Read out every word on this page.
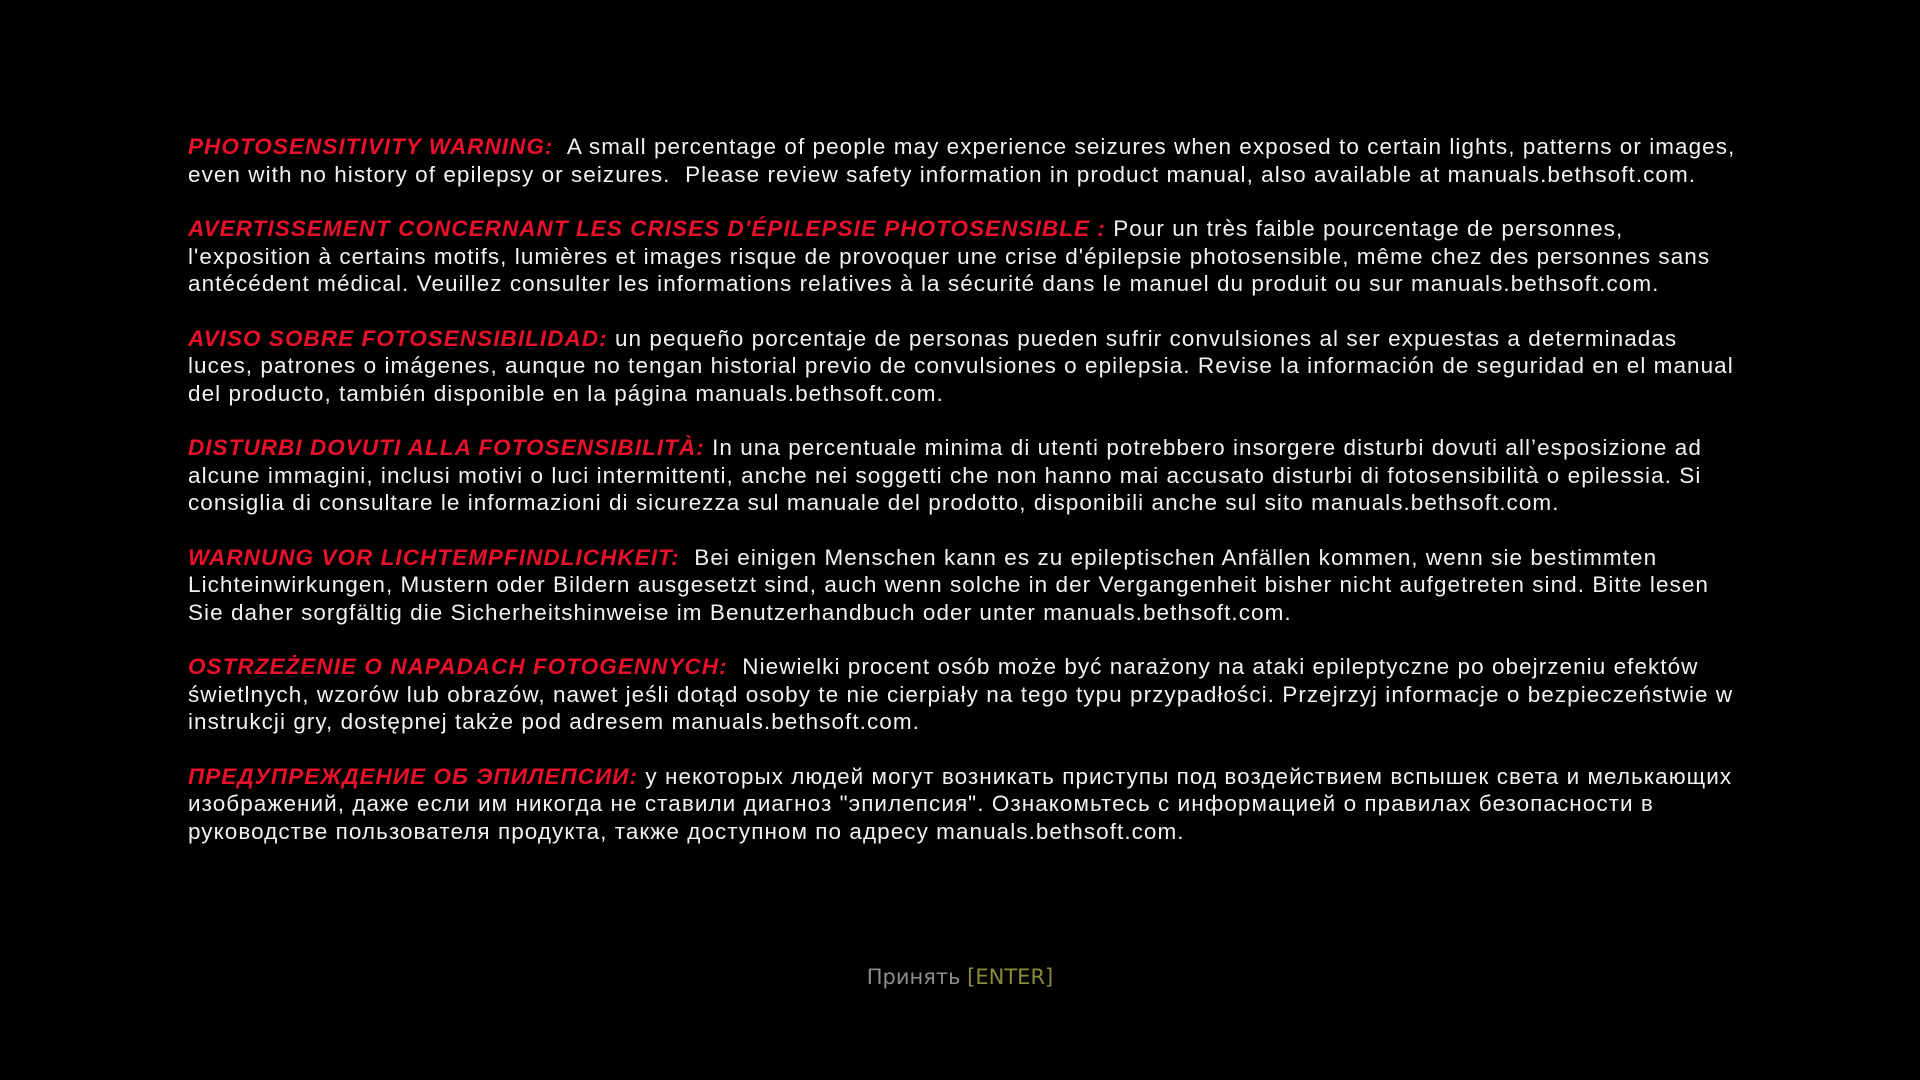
PHOTOSENSITIVITY WARNING:  A small percentage of people may experience seizures when exposed to certain lights, patterns or images, even with no history of epilepsy or seizures.  Please review safety information in product manual, also available at manuals.bethsoft.com.

AVERTISSEMENT CONCERNANT LES CRISES D'ÉPILEPSIE PHOTOSENSIBLE : Pour un très faible pourcentage de personnes, l'exposition à certains motifs, lumières et images risque de provoquer une crise d'épilepsie photosensible, même chez des personnes sans antécédent médical. Veuillez consulter les informations relatives à la sécurité dans le manuel du produit ou sur manuals.bethsoft.com.

AVISO SOBRE FOTOSENSIBILIDAD: un pequeño porcentaje de personas pueden sufrir convulsiones al ser expuestas a determinadas luces, patrones o imágenes, aunque no tengan historial previo de convulsiones o epilepsia. Revise la información de seguridad en el manual del producto, también disponible en la página manuals.bethsoft.com.

DISTURBI DOVUTI ALLA FOTOSENSIBILITÀ: In una percentuale minima di utenti potrebbero insorgere disturbi dovuti all’esposizione ad alcune immagini, inclusi motivi o luci intermittenti, anche nei soggetti che non hanno mai accusato disturbi di fotosensibilità o epilessia. Si consiglia di consultare le informazioni di sicurezza sul manuale del prodotto, disponibili anche sul sito manuals.bethsoft.com.

WARNUNG VOR LICHTEMPFINDLICHKEIT:  Bei einigen Menschen kann es zu epileptischen Anfällen kommen, wenn sie bestimmten Lichteinwirkungen, Mustern oder Bildern ausgesetzt sind, auch wenn solche in der Vergangenheit bisher nicht aufgetreten sind. Bitte lesen Sie daher sorgfältig die Sicherheitshinweise im Benutzerhandbuch oder unter manuals.bethsoft.com.

OSTRZEŻENIE O NAPADACH FOTOGENNYCH:  Niewielki procent osób może być narażony na ataki epileptyczne po obejrzeniu efektów świetlnych, wzorów lub obrazów, nawet jeśli dotąd osoby te nie cierpiały na tego typu przypadłości. Przejrzyj informacje o bezpieczeństwie w instrukcji gry, dostępnej także pod adresem manuals.bethsoft.com.

ПРЕДУПРЕЖДЕНИЕ ОБ ЭПИЛЕПСИИ: у некоторых людей могут возникать приступы под воздействием вспышек света и мелькающих изображений, даже если им никогда не ставили диагноз "эпилепсия". Ознакомьтесь с информацией о правилах безопасности в руководстве пользователя продукта, также доступном по адресу manuals.bethsoft.com.

Принять [ENTER]
